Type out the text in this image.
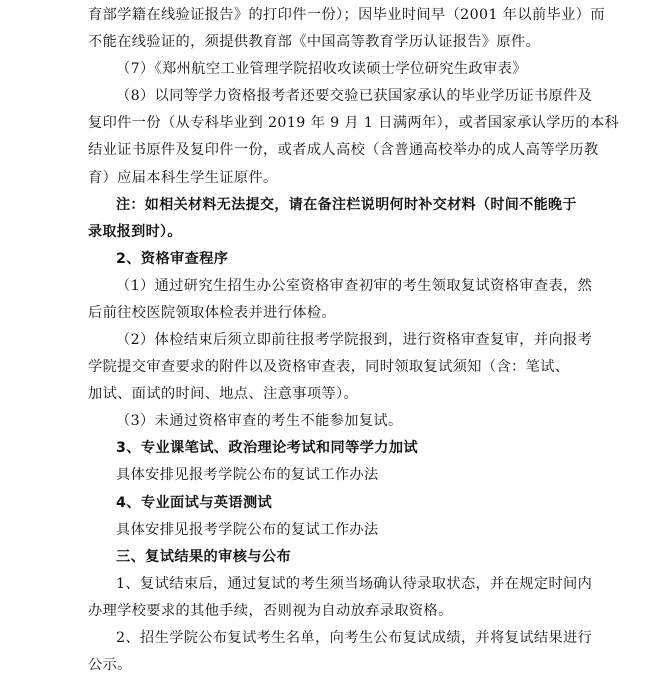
育部学籍在线验证报告》的打印件一份）；因毕业时间早（2001 年以前毕业）而
不能在线验证的，须提供教育部《中国高等教育学历认证报告》原件。
（7）《郑州航空工业管理学院招收攻读硕士学位研究生政审表》
（8）以同等学力资格报考者还要交验已获国家承认的毕业学历证书原件及
复印件一份（从专科毕业到 2019 年 9 月 1 日满两年），或者国家承认学历的本科
结业证书原件及复印件一份，或者成人高校（含普通高校举办的成人高等学历教
育）应届本科生学生证原件。
注：如相关材料无法提交，请在备注栏说明何时补交材料（时间不能晚于
录取报到时）。
2、资格审查程序
（1）通过研究生招生办公室资格审查初审的考生领取复试资格审查表，然
后前往校医院领取体检表并进行体检。
（2）体检结束后须立即前往报考学院报到，进行资格审查复审，并向报考
学院提交审查要求的附件以及资格审查表，同时领取复试须知（含：笔试、
加试、面试的时间、地点、注意事项等）。
（3）未通过资格审查的考生不能参加复试。
3、专业课笔试、政治理论考试和同等学力加试
具体安排见报考学院公布的复试工作办法
4、专业面试与英语测试
具体安排见报考学院公布的复试工作办法
三、复试结果的审核与公布
1、复试结束后，通过复试的考生须当场确认待录取状态，并在规定时间内
办理学校要求的其他手续，否则视为自动放弃录取资格。
2、招生学院公布复试考生名单，向考生公布复试成绩，并将复试结果进行
公示。
